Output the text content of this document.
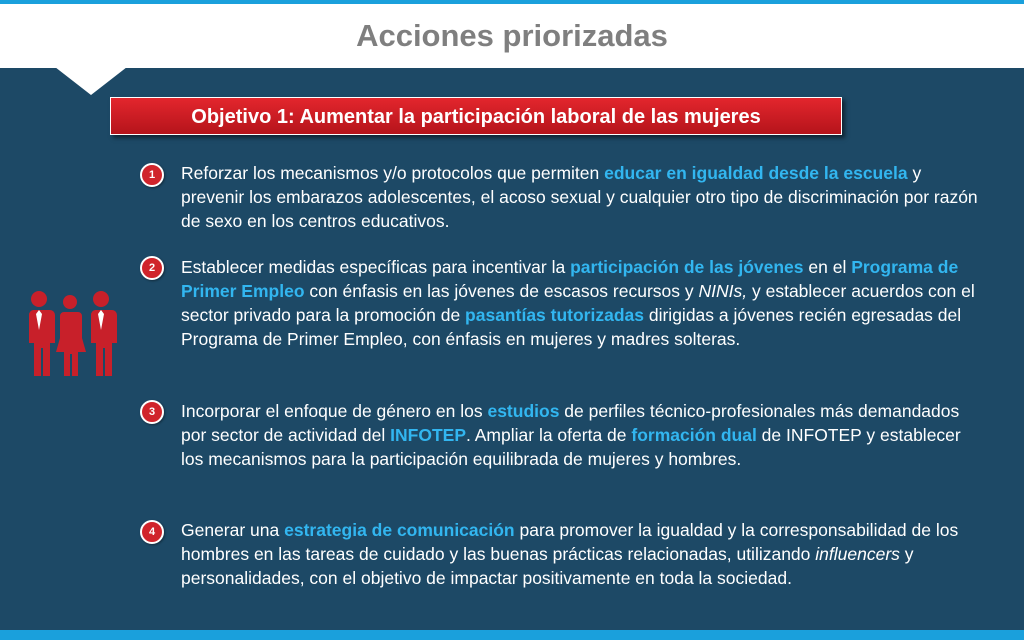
Acciones priorizadas
Objetivo 1: Aumentar la participación laboral de las mujeres
1	Reforzar los mecanismos y/o protocolos que permiten educar en igualdad desde la escuela y prevenir los embarazos adolescentes, el acoso sexual y cualquier otro tipo de discriminación por razón de sexo en los centros educativos.
2	Establecer medidas específicas para incentivar la participación de las jóvenes en el Programa de Primer Empleo con énfasis en las jóvenes de escasos recursos y NINIs, y establecer acuerdos con el sector privado para la promoción de pasantías tutorizadas dirigidas a jóvenes recién egresadas del Programa de Primer Empleo, con énfasis en mujeres y madres solteras.
3	Incorporar el enfoque de género en los estudios de perfiles técnico-profesionales más demandados por sector de actividad del INFOTEP. Ampliar la oferta de formación dual de INFOTEP y establecer los mecanismos para la participación equilibrada de mujeres y hombres.
4	Generar una estrategia de comunicación para promover la igualdad y la corresponsabilidad de los hombres en las tareas de cuidado y las buenas prácticas relacionadas, utilizando influencers y personalidades, con el objetivo de impactar positivamente en toda la sociedad.
